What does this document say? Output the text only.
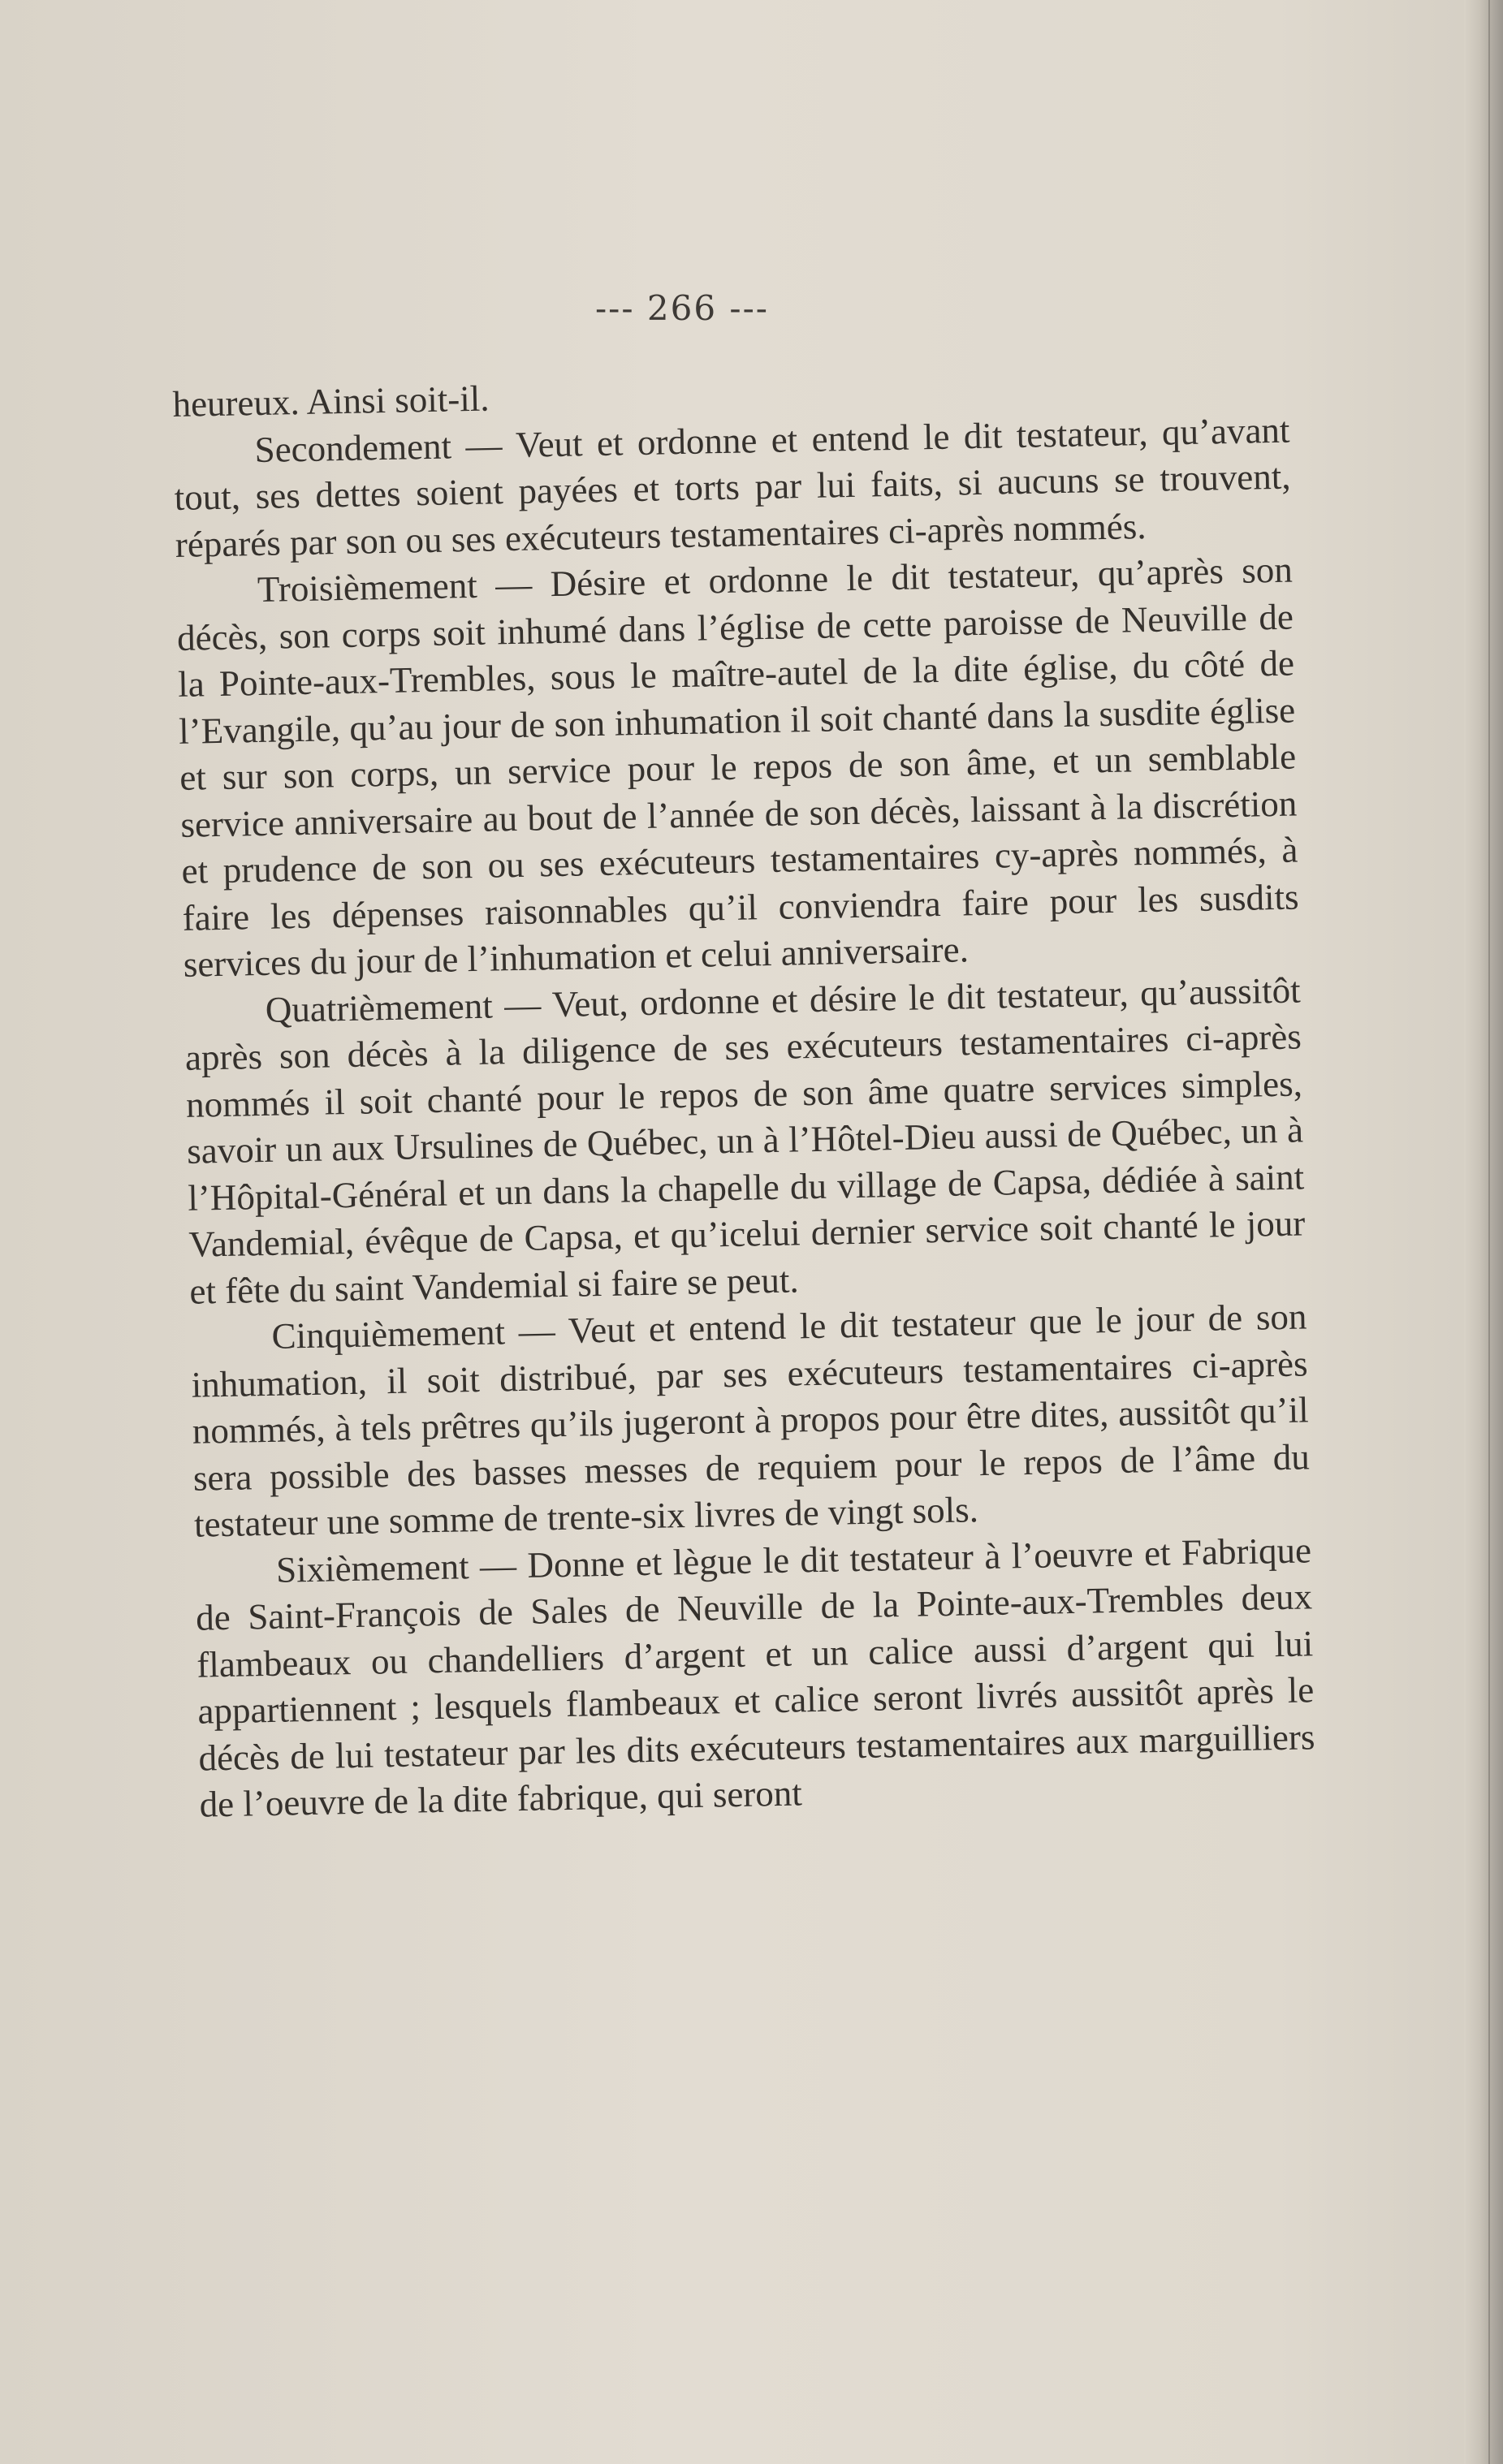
--- 266 ---

heureux. Ainsi soit-il.

Secondement — Veut et ordonne et entend le dit testateur, qu’avant tout, ses dettes soient payées et torts par lui faits, si aucuns se trouvent, réparés par son ou ses exécuteurs testamentaires ci-après nommés.

Troisièmement — Désire et ordonne le dit testateur, qu’après son décès, son corps soit inhumé dans l’église de cette paroisse de Neuville de la Pointe-aux-Trembles, sous le maître-autel de la dite église, du côté de l’Evangile, qu’au jour de son inhumation il soit chanté dans la susdite église et sur son corps, un service pour le repos de son âme, et un semblable service anniversaire au bout de l’année de son décès, laissant à la discrétion et prudence de son ou ses exécuteurs testamentaires cy-après nommés, à faire les dépenses raisonnables qu’il conviendra faire pour les susdits services du jour de l’inhumation et celui anniversaire.

Quatrièmement — Veut, ordonne et désire le dit testateur, qu’aussitôt après son décès à la diligence de ses exécuteurs testamentaires ci-après nommés il soit chanté pour le repos de son âme quatre services simples, savoir un aux Ursulines de Québec, un à l’Hôtel-Dieu aussi de Québec, un à l’Hôpital-Général et un dans la chapelle du village de Capsa, dédiée à saint Vandemial, évêque de Capsa, et qu’icelui dernier service soit chanté le jour et fête du saint Vandemial si faire se peut.

Cinquièmement — Veut et entend le dit testateur que le jour de son inhumation, il soit distribué, par ses exécuteurs testamentaires ci-après nommés, à tels prêtres qu’ils jugeront à propos pour être dites, aussitôt qu’il sera possible des basses messes de requiem pour le repos de l’âme du testateur une somme de trente-six livres de vingt sols.

Sixièmement — Donne et lègue le dit testateur à l’oeuvre et Fabrique de Saint-François de Sales de Neuville de la Pointe-aux-Trembles deux flambeaux ou chandelliers d’argent et un calice aussi d’argent qui lui appartiennent ; lesquels flambeaux et calice seront livrés aussitôt après le décès de lui testateur par les dits exécuteurs testamentaires aux marguilliers de l’oeuvre de la dite fabrique, qui seront
